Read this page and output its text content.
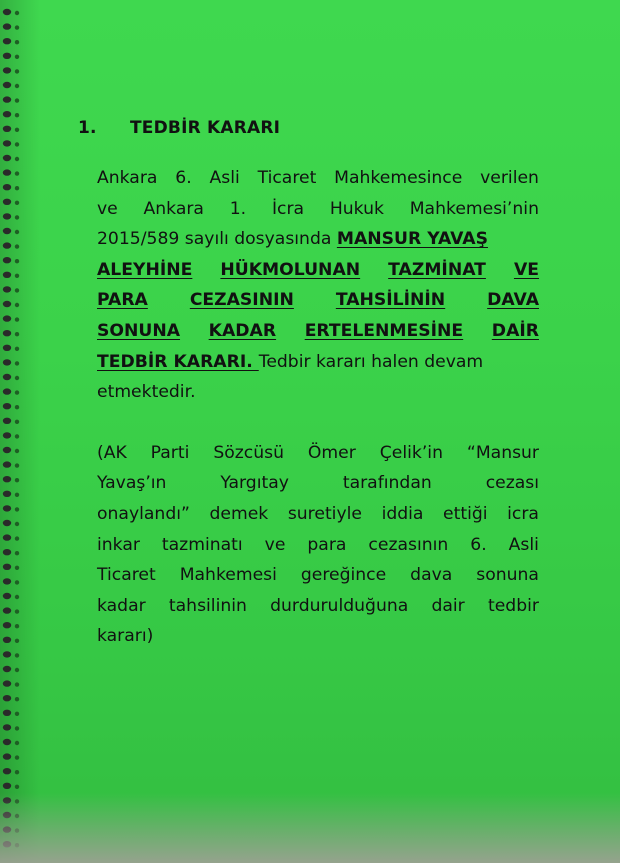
1. TEDBİR KARARI
Ankara 6. Asli Ticaret Mahkemesince verilen
ve Ankara 1. İcra Hukuk Mahkemesi’nin
2015/589 sayılı dosyasında MANSUR YAVAŞ
ALEYHİNE HÜKMOLUNAN TAZMİNAT VE
PARA CEZASININ TAHSİLİNİN DAVA
SONUNA KADAR ERTELENMESİNE DAİR
TEDBİR KARARI. Tedbir kararı halen devam
etmektedir.
(AK Parti Sözcüsü Ömer Çelik’in “Mansur
Yavaş’ın	Yargıtay	tarafından	cezası
onaylandı” demek suretiyle iddia ettiği icra
inkar tazminatı ve para cezasının 6. Asli
Ticaret Mahkemesi gereğince dava sonuna
kadar tahsilinin durdurulduğuna dair tedbir
kararı)
